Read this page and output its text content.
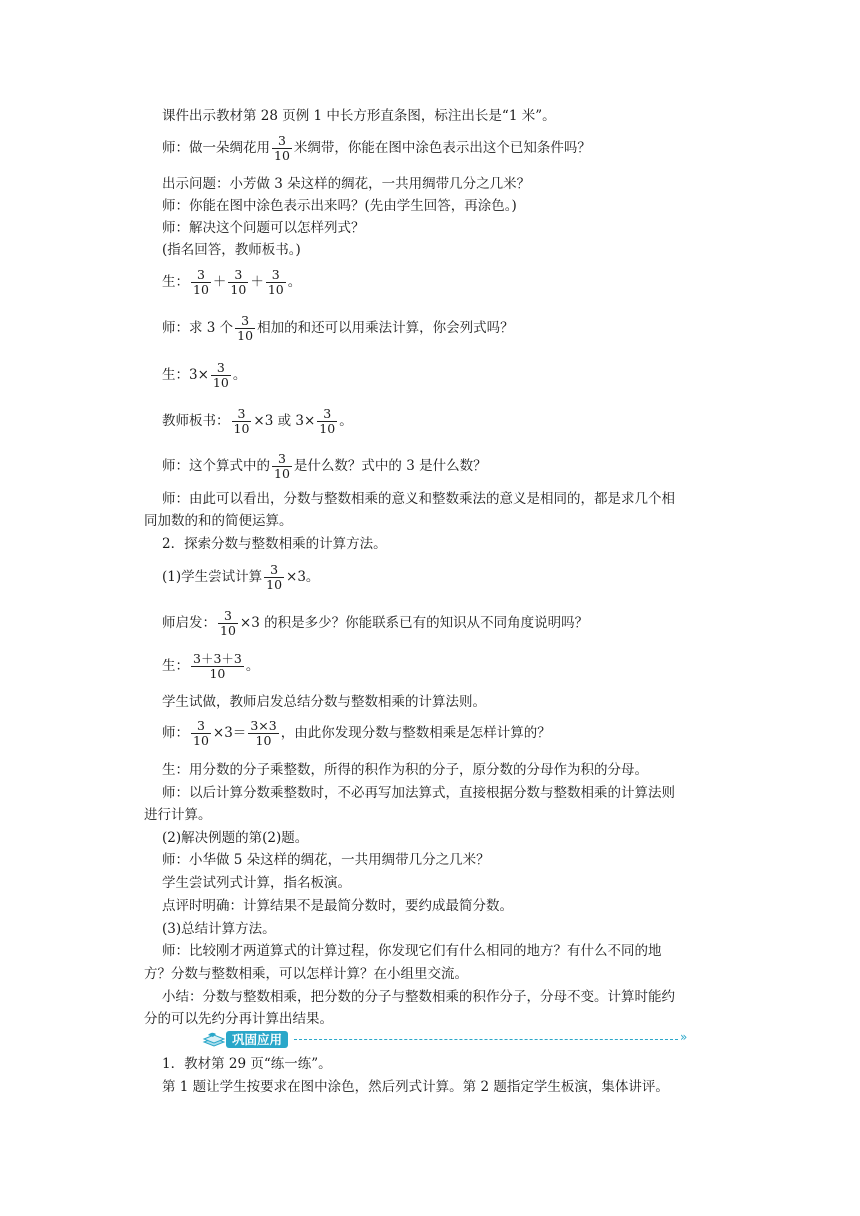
课件出示教材第 28 页例 1 中长方形直条图，标注出长是“1 米”。
师：做一朵绸花用 $\frac{3}{10}$ 米绸带，你能在图中涂色表示出这个已知条件吗？
出示问题：小芳做 3 朵这样的绸花，一共用绸带几分之几米？
师：你能在图中涂色表示出来吗？(先由学生回答，再涂色。)
师：解决这个问题可以怎样列式？
(指名回答，教师板书。)
生： $\frac{3}{10} + \frac{3}{10} + \frac{3}{10}$ 。
师：求 3 个 $\frac{3}{10}$ 相加的和还可以用乘法计算，你会列式吗？
生：$3\times \frac{3}{10}$ 。
教师板书： $\frac{3}{10} \times 3$ 或 $3\times \frac{3}{10}$ 。
师：这个算式中的 $\frac{3}{10}$ 是什么数？式中的 3 是什么数？
师：由此可以看出，分数与整数相乘的意义和整数乘法的意义是相同的，都是求几个相
同加数的和的简便运算。
2．探索分数与整数相乘的计算方法。
(1)学生尝试计算 $\frac{3}{10} \times 3$。
师启发： $\frac{3}{10} \times 3$ 的积是多少？你能联系已有的知识从不同角度说明吗？
生： $\frac{3+3+3}{10}$ 。
学生试做，教师启发总结分数与整数相乘的计算法则。
师： $\frac{3}{10} \times 3= \frac{3\times 3}{10}$ ，由此你发现分数与整数相乘是怎样计算的？
生：用分数的分子乘整数，所得的积作为积的分子，原分数的分母作为积的分母。
师：以后计算分数乘整数时，不必再写加法算式，直接根据分数与整数相乘的计算法则
进行计算。
(2)解决例题的第(2)题。
师：小华做 5 朵这样的绸花，一共用绸带几分之几米？
学生尝试列式计算，指名板演。
点评时明确：计算结果不是最简分数时，要约成最简分数。
(3)总结计算方法。
师：比较刚才两道算式的计算过程，你发现它们有什么相同的地方？有什么不同的地
方？分数与整数相乘，可以怎样计算？在小组里交流。
小结：分数与整数相乘，把分数的分子与整数相乘的积作分子，分母不变。计算时能约
分的可以先约分再计算出结果。
巩固应用	»
1．教材第 29 页“练一练”。
第 1 题让学生按要求在图中涂色，然后列式计算。第 2 题指定学生板演，集体讲评。
